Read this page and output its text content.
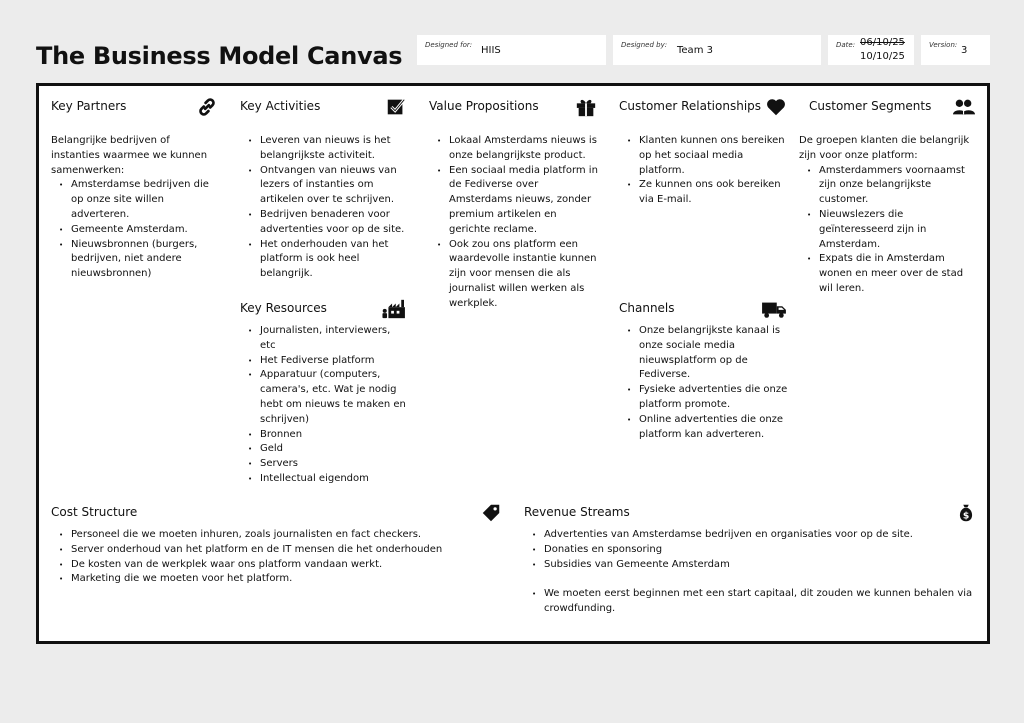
The Business Model Canvas	Designed for: HIIS	Designed by: Team 3	Date: 06/10/25
10/10/25
Version: 3
Key Partners

Belangrijke bedrijven of instanties waarmee we kunnen samenwerken:

• Amsterdamse bedrijven die op onze site willen adverteren.
• Gemeente Amsterdam.
• Nieuwsbronnen (burgers, bedrijven, niet andere nieuwsbronnen)
Key Activities
• Leveren van nieuws is het belangrijkste activiteit.
• Ontvangen van nieuws van lezers of instanties om artikelen over te schrijven.
• Bedrijven benaderen voor advertenties voor op de site.
• Het onderhouden van het platform is ook heel belangrijk.
Key Resources
• Journalisten, interviewers, etc
• Het Fediverse platform
• Apparatuur (computers, camera's, etc. Wat je nodig hebt om nieuws te maken en schrijven)
• Bronnen
• Geld
• Servers
• Intellectual eigendom
Value Propositions
• Lokaal Amsterdams nieuws is onze belangrijkste product.
• Een sociaal media platform in de Fediverse over Amsterdams nieuws, zonder premium artikelen en gerichte reclame.
• Ook zou ons platform een waardevolle instantie kunnen zijn voor mensen die als journalist willen werken als werkplek.
Customer Relationships
• Klanten kunnen ons bereiken op het sociaal media platform.
• Ze kunnen ons ook bereiken via E-mail.
Channels
• Onze belangrijkste kanaal is onze sociale media nieuwsplatform op de Fediverse.
• Fysieke advertenties die onze platform promote.
• Online advertenties die onze platform kan adverteren.
Customer Segments

De groepen klanten die belangrijk zijn voor onze platform:

• Amsterdammers voornaamst zijn onze belangrijkste customer.
• Nieuwslezers die geïnteresseerd zijn in Amsterdam.
• Expats die in Amsterdam wonen en meer over de stad wil leren.
Cost Structure
• Personeel die we moeten inhuren, zoals journalisten en fact checkers.
• Server onderhoud van het platform en de IT mensen die het onderhouden
• De kosten van de werkplek waar ons platform vandaan werkt.
• Marketing die we moeten voor het platform.
Revenue Streams	$
• Advertenties van Amsterdamse bedrijven en organisaties voor op de site.
• Donaties en sponsoring
• Subsidies van Gemeente Amsterdam
• We moeten eerst beginnen met een start capitaal, dit zouden we kunnen behalen via crowdfunding.
